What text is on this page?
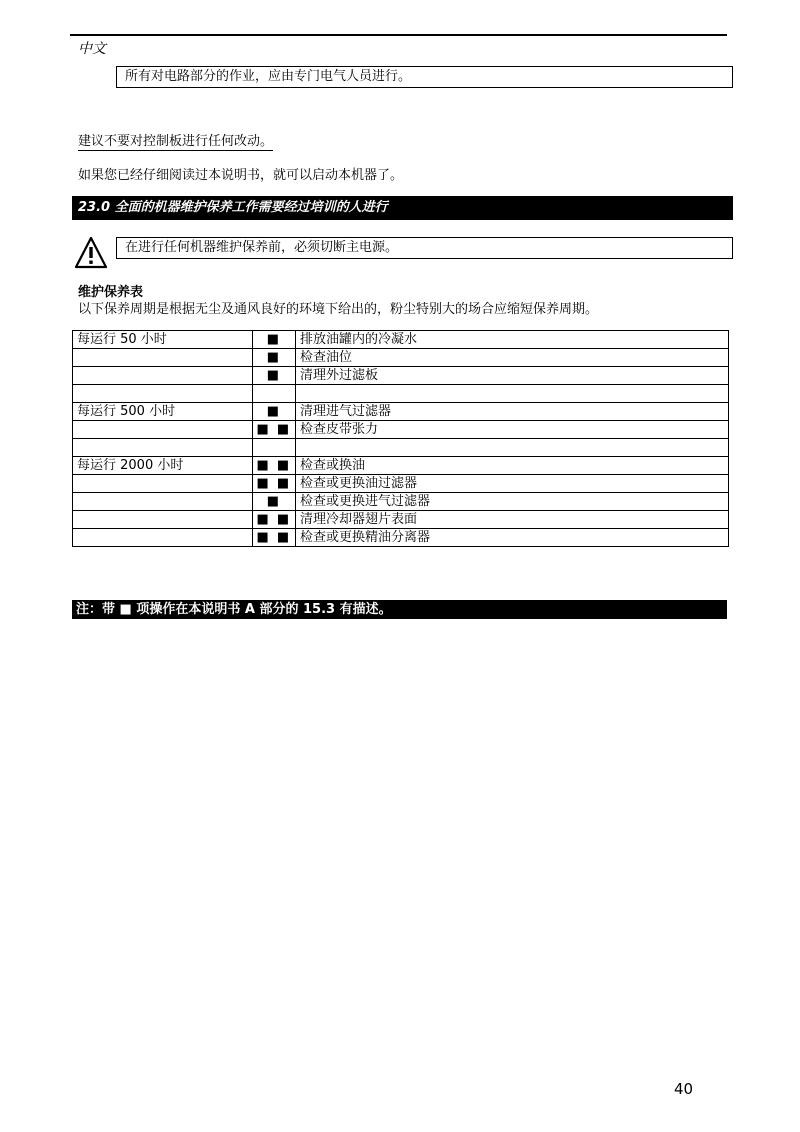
中文
所有对电路部分的作业，应由专门电气人员进行。
建议不要对控制板进行任何改动。
如果您已经仔细阅读过本说明书，就可以启动本机器了。
23.0 全面的机器维护保养工作需要经过培训的人进行
在进行任何机器维护保养前，必须切断主电源。
维护保养表
以下保养周期是根据无尘及通风良好的环境下给出的，粉尘特别大的场合应缩短保养周期。
每运行 50 小时	■	排放油罐内的冷凝水
	■	检查油位
	■	清理外过滤板

每运行 500 小时	■	清理进气过滤器
	■ ■	检查皮带张力

每运行 2000 小时	■ ■	检查或换油
	■ ■	检查或更换油过滤器
	■	检查或更换进气过滤器
	■ ■	清理冷却器翅片表面
	■ ■	检查或更换精油分离器
注：带 ■ 项操作在本说明书 A 部分的 15.3 有描述。
40
